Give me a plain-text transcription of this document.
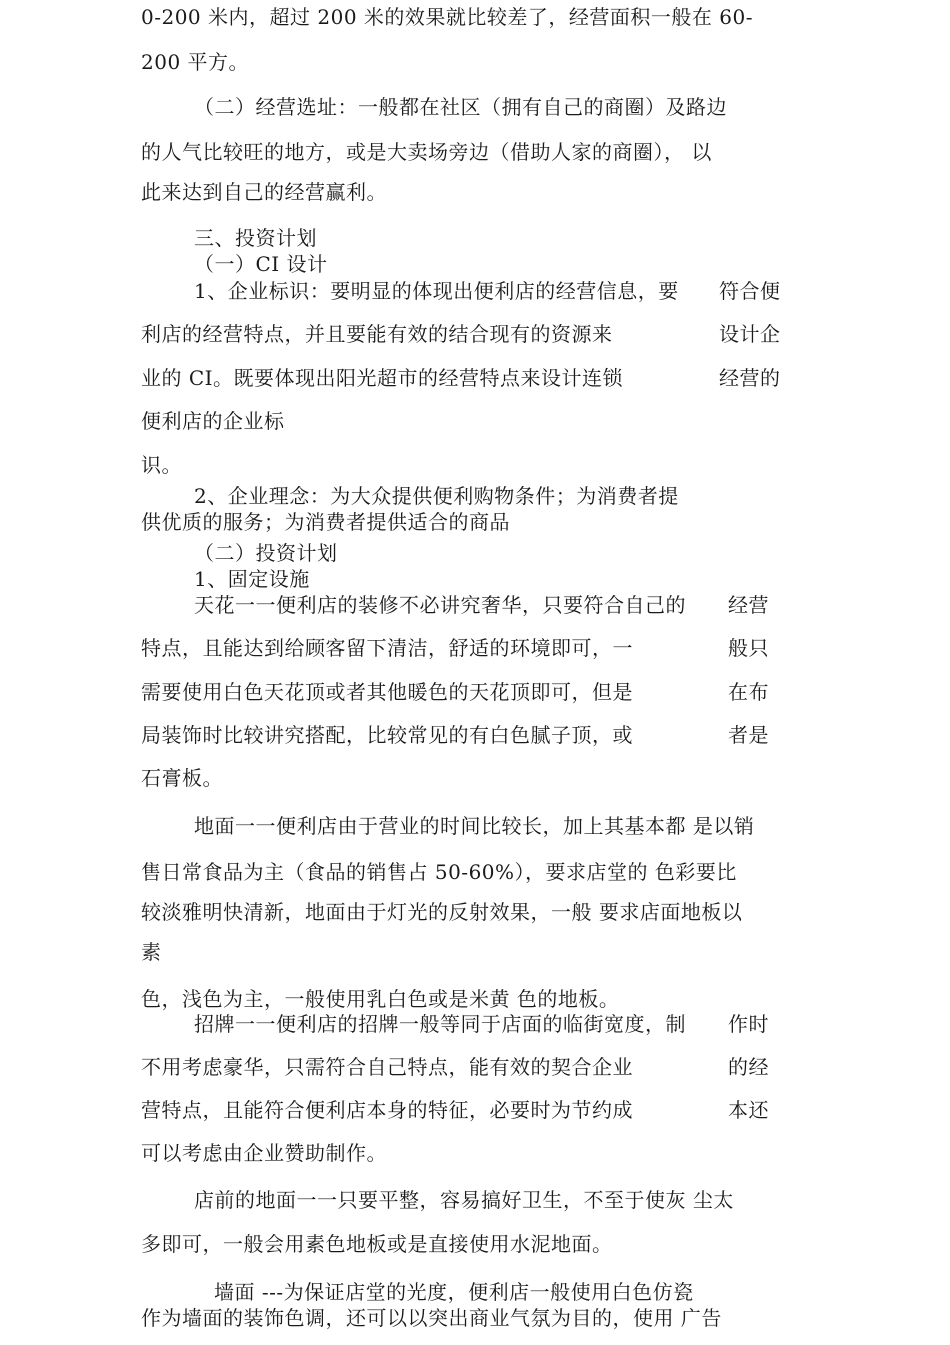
0-200 米内，超过 200 米的效果就比较差了，经营面积一般在 60-
200 平方。
（二）经营选址：一般都在社区（拥有自己的商圈）及路边
的人气比较旺的地方，或是大卖场旁边（借助人家的商圈）， 以
此来达到自己的经营赢利。
三、投资计划
（一）CI 设计
1、企业标识：要明显的体现出便利店的经营信息，要 符合便
利店的经营特点，并且要能有效的结合现有的资源来	设计企
业的 CI。既要体现出阳光超市的经营特点来设计连锁	经营的
便利店的企业标
识。
2、企业理念：为大众提供便利购物条件；为消费者提
供优质的服务；为消费者提供适合的商品
（二）投资计划
1、固定设施
天花一一便利店的装修不必讲究奢华，只要符合自己的 经营
特点，且能达到给顾客留下清洁，舒适的环境即可，一	般只
需要使用白色天花顶或者其他暖色的天花顶即可，但是	在布
局装饰时比较讲究搭配，比较常见的有白色腻子顶，或	者是
石膏板。
地面一一便利店由于营业的时间比较长，加上其基本都 是以销
售日常食品为主（食品的销售占 50-60%），要求店堂的 色彩要比
较淡雅明快清新，地面由于灯光的反射效果，一般 要求店面地板以
素
色，浅色为主，一般使用乳白色或是米黄 色的地板。
招牌一一便利店的招牌一般等同于店面的临街宽度，制 作时
不用考虑豪华，只需符合自己特点，能有效的契合企业	的经
营特点，且能符合便利店本身的特征，必要时为节约成	本还
可以考虑由企业赞助制作。
店前的地面一一只要平整，容易搞好卫生，不至于使灰 尘太
多即可，一般会用素色地板或是直接使用水泥地面。
墙面 ---为保证店堂的光度，便利店一般使用白色仿瓷
作为墙面的装饰色调，还可以以突出商业气氛为目的，使用 广告
